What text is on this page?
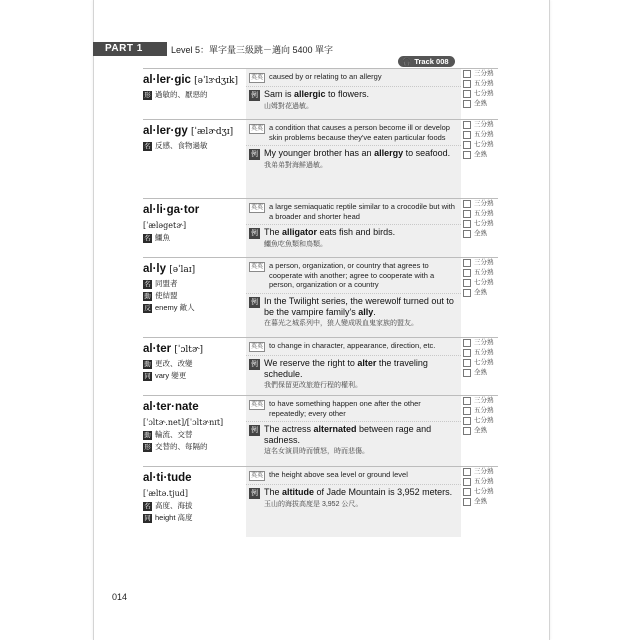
PART 1	Level 5：單字量三級跳－邁向 5400 單字
🎧 Track 008
al·ler·gic [əˈlɝdʒɪk]
形 過敏的、厭惡的
英英 caused by or relating to an allergy
例 Sam is allergic to flowers.
山姆對花過敏。
三分熟
五分熟
七分熟
全熟
al·ler·gy [ˈælɚdʒɪ]
名 反感、食物過敏
英英 a condition that causes a person become ill or develop skin problems because they've eaten particular foods
例 My younger brother has an allergy to seafood.
我弟弟對海鮮過敏。
三分熟
五分熟
七分熟
全熟
al·li·ga·tor
[ˈæləgetɚ]
名 鱷魚
英英 a large semiaquatic reptile similar to a crocodile but with a broader and shorter head
例 The alligator eats fish and birds.
鱷魚吃魚類和鳥類。
三分熟
五分熟
七分熟
全熟
al·ly [əˈlaɪ]
名 同盟者
動 使結盟
反 enemy 敵人
英英 a person, organization, or country that agrees to cooperate with another; agree to cooperate with a person, organization or a country
例 In the Twilight series, the werewolf turned out to be the vampire family's ally.
在暮光之城系列中，狼人變成吸血鬼家族的盟友。
三分熟
五分熟
七分熟
全熟
al·ter [ˈɔltɚ]
動 更改、改變
同 vary 變更
英英 to change in character, appearance, direction, etc.
例 We reserve the right to alter the traveling schedule.
我們保留更改旅遊行程的權利。
三分熟
五分熟
七分熟
全熟
al·ter·nate
[ˈɔltɚ.net]/[ˈɔltɚnɪt]
動 輪流、交替
形 交替的、每隔的
英英 to have something happen one after the other repeatedly; every other
例 The actress alternated between rage and sadness.
這名女演員時而憤怒，時而悲傷。
三分熟
五分熟
七分熟
全熟
al·ti·tude
[ˈæltə.tjud]
名 高度、海拔
同 height 高度
英英 the height above sea level or ground level
例 The altitude of Jade Mountain is 3,952 meters.
玉山的海拔高度是 3,952 公尺。
三分熟
五分熟
七分熟
全熟
014
